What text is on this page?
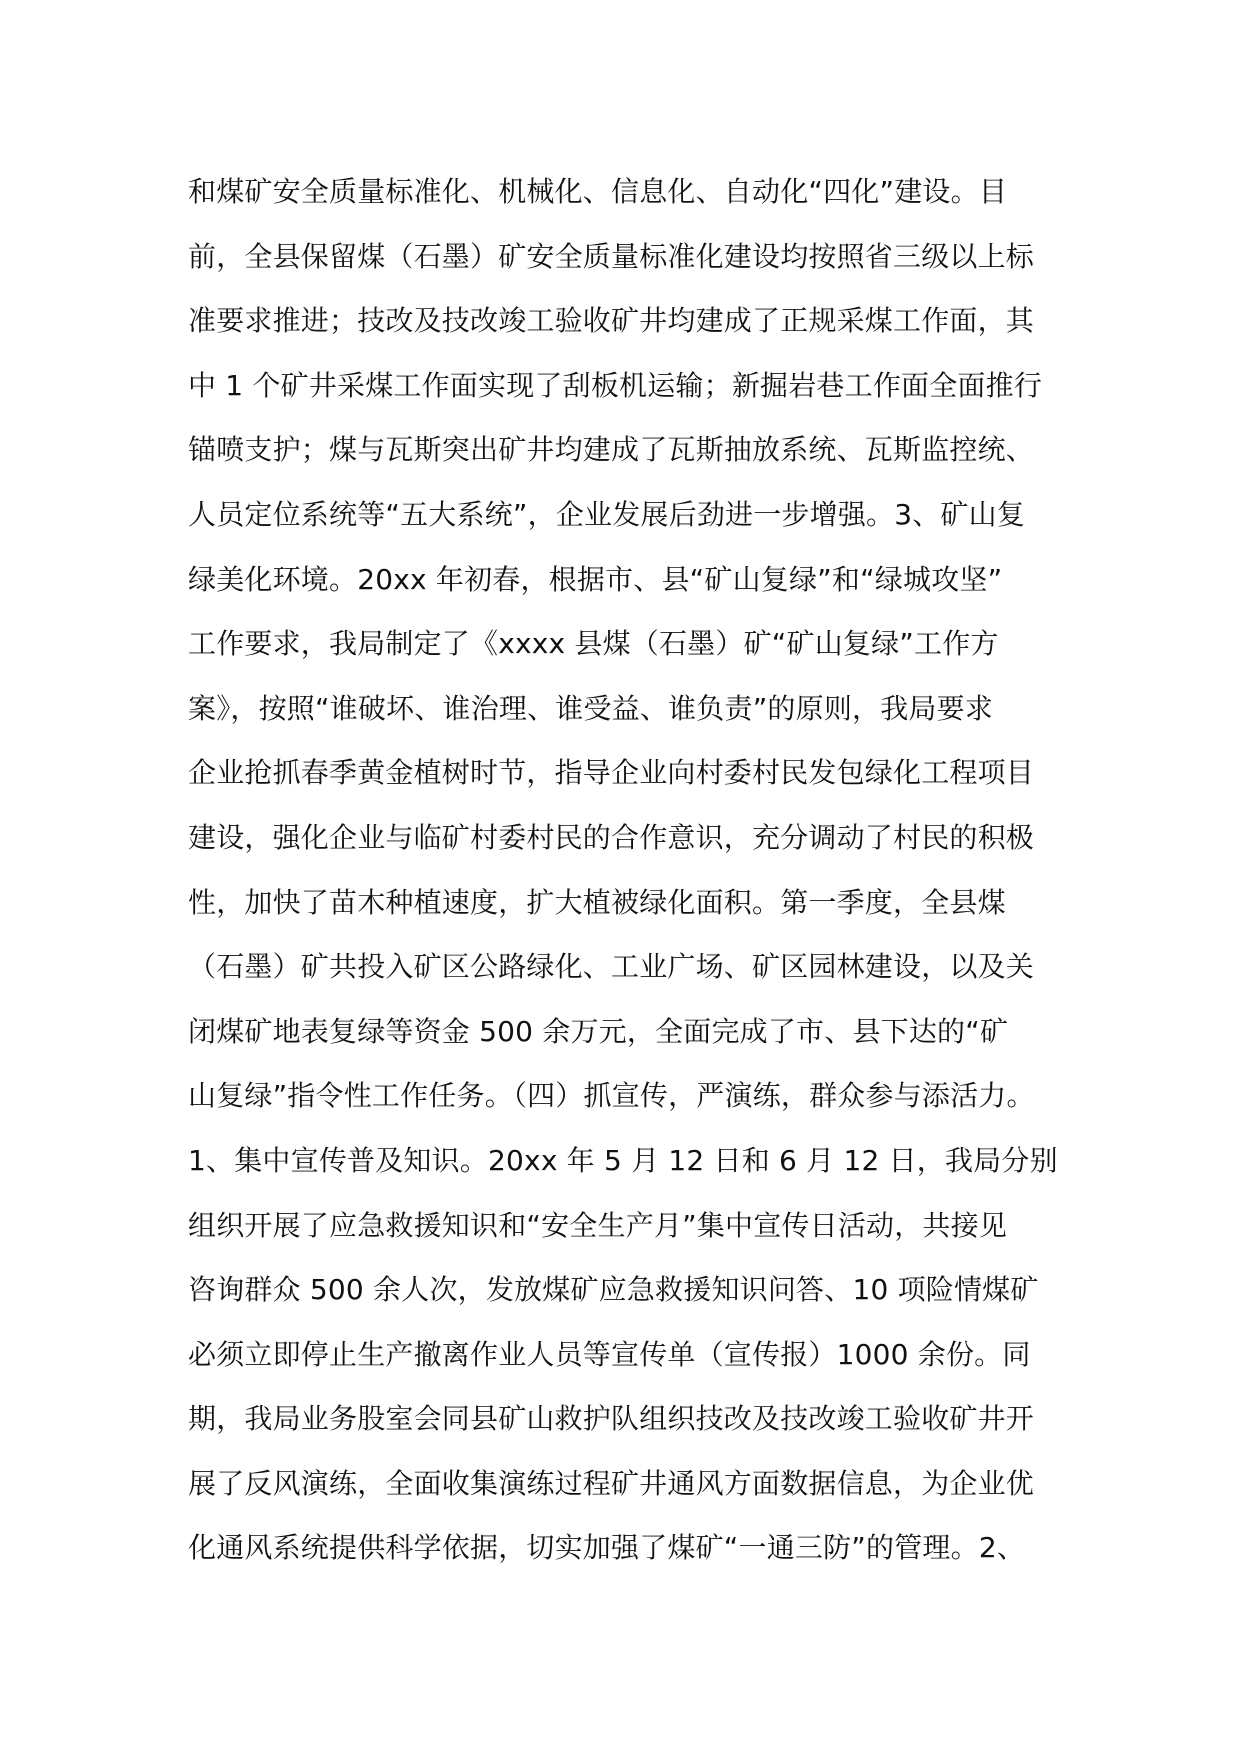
和煤矿安全质量标准化、机械化、信息化、自动化“四化”建设。目
前，全县保留煤（石墨）矿安全质量标准化建设均按照省三级以上标
准要求推进；技改及技改竣工验收矿井均建成了正规采煤工作面，其
中 1 个矿井采煤工作面实现了刮板机运输；新掘岩巷工作面全面推行
锚喷支护；煤与瓦斯突出矿井均建成了瓦斯抽放系统、瓦斯监控统、
人员定位系统等“五大系统”，企业发展后劲进一步增强。3、矿山复
绿美化环境。20xx 年初春，根据市、县“矿山复绿”和“绿城攻坚”
工作要求，我局制定了《xxxx 县煤（石墨）矿“矿山复绿”工作方
案》，按照“谁破坏、谁治理、谁受益、谁负责”的原则，我局要求
企业抢抓春季黄金植树时节，指导企业向村委村民发包绿化工程项目
建设，强化企业与临矿村委村民的合作意识，充分调动了村民的积极
性，加快了苗木种植速度，扩大植被绿化面积。第一季度，全县煤
（石墨）矿共投入矿区公路绿化、工业广场、矿区园林建设，以及关
闭煤矿地表复绿等资金 500 余万元，全面完成了市、县下达的“矿
山复绿”指令性工作任务。（四）抓宣传，严演练，群众参与添活力。
1、集中宣传普及知识。20xx 年 5 月 12 日和 6 月 12 日，我局分别
组织开展了应急救援知识和“安全生产月”集中宣传日活动，共接见
咨询群众 500 余人次，发放煤矿应急救援知识问答、10 项险情煤矿
必须立即停止生产撤离作业人员等宣传单（宣传报）1000 余份。同
期，我局业务股室会同县矿山救护队组织技改及技改竣工验收矿井开
展了反风演练，全面收集演练过程矿井通风方面数据信息，为企业优
化通风系统提供科学依据，切实加强了煤矿“一通三防”的管理。2、
